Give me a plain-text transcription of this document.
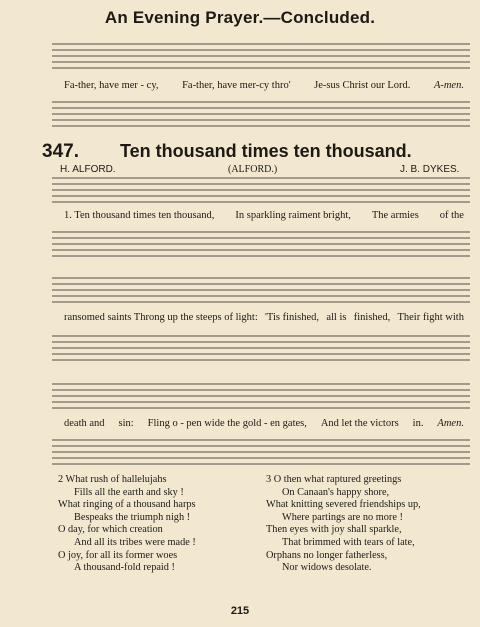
An Evening Prayer.—Concluded.
Fa-ther, have mer - cy, Fa-ther, have mer-cy thro' Je-sus Christ our Lord. A-men.
347. Ten thousand times ten thousand.
H. ALFORD.	(ALFORD.)	J. B. DYKES.
1. Ten thousand times ten thousand, In sparkling raiment bright, The armies of the
ransomed saints Throng up the steeps of light: 'Tis finished, all is finished, Their fight with
death and sin: Fling o - pen wide the gold - en gates, And let the victors in. Amen.
2 What rush of hallelujahs
Fills all the earth and sky !
What ringing of a thousand harps
Bespeaks the triumph nigh !
O day, for which creation
And all its tribes were made !
O joy, for all its former woes
A thousand-fold repaid !
3 O then what raptured greetings
On Canaan's happy shore,
What knitting severed friendships up,
Where partings are no more !
Then eyes with joy shall sparkle,
That brimmed with tears of late,
Orphans no longer fatherless,
Nor widows desolate.
215
